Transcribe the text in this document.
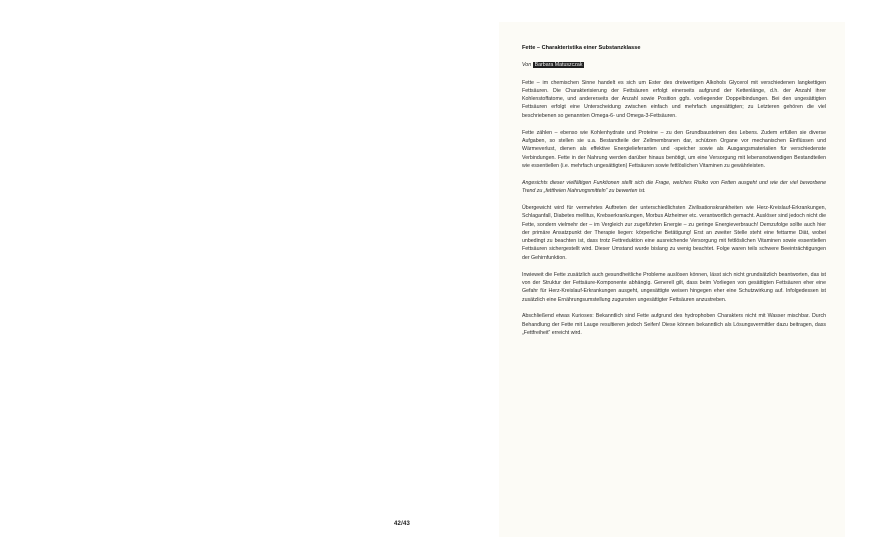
42/43
Fette – Charakteristika einer Substanzklasse
Von Barbara Matuszczak

Fette – im chemischen Sinne handelt es sich um Ester des dreiwertigen Alkohols Glycerol mit verschiedenen langkettigen Fettsäuren. Die Charakterisierung der Fettsäuren erfolgt einerseits aufgrund der Kettenlänge, d.h. der Anzahl ihrer Kohlenstoffatome, und andererseits der Anzahl sowie Position ggfs. vorliegender Doppelbindungen. Bei den ungesättigten Fettsäuren erfolgt eine Unterscheidung zwischen einfach und mehrfach ungesättigten; zu Letzteren gehören die viel beschriebenen so genannten Omega-6- und Omega-3-Fettsäuren.

Fette zählen – ebenso wie Kohlenhydrate und Proteine – zu den Grundbausteinen des Lebens. Zudem erfüllen sie diverse Aufgaben, so stellen sie u.a. Bestandteile der Zellmembranen dar, schützen Organe vor mechanischen Einflüssen und Wärmeverlust, dienen als effektive Energielieferanten und -speicher sowie als Ausgangsmaterialien für verschiedenste Verbindungen. Fette in der Nahrung werden darüber hinaus benötigt, um eine Versorgung mit lebensnotwendigen Bestandteilen wie essentiellen (i.e. mehrfach ungesättigten) Fettsäuren sowie fettlöslichen Vitaminen zu gewährleisten.

Angesichts dieser vielfältigen Funktionen stellt sich die Frage, welches Risiko von Fetten ausgeht und wie der viel beworbene Trend zu „fettfreien Nahrungsmitteln“ zu bewerten ist.

Übergewicht wird für vermehrtes Auftreten der unterschiedlichsten Zivilisationskrankheiten wie Herz-Kreislauf-Erkrankungen, Schlaganfall, Diabetes mellitus, Krebserkrankungen, Morbus Alzheimer etc. verantwortlich gemacht. Auslöser sind jedoch nicht die Fette, sondern vielmehr der – im Vergleich zur zugeführten Energie – zu geringe Energieverbrauch! Demzufolge sollte auch hier der primäre Ansatzpunkt der Therapie liegen: körperliche Betätigung! Erst an zweiter Stelle steht eine fettarme Diät, wobei unbedingt zu beachten ist, dass trotz Fettreduktion eine ausreichende Versorgung mit fettlöslichen Vitaminen sowie essentiellen Fettsäuren sichergestellt wird. Dieser Umstand wurde bislang zu wenig beachtet. Folge waren teils schwere Beeinträchtigungen der Gehirnfunktion.

Inwieweit die Fette zusätzlich auch gesundheitliche Probleme auslösen können, lässt sich nicht grundsätzlich beantworten, das ist von der Struktur der Fettsäure-Komponente abhängig. Generell gilt, dass beim Vorliegen von gesättigten Fettsäuren eher eine Gefahr für Herz-Kreislauf-Erkrankungen ausgeht, ungesättigte weisen hingegen eher eine Schutzwirkung auf. Infolgedessen ist zusätzlich eine Ernährungsumstellung zugunsten ungesättigter Fettsäuren anzustreben.

Abschließend etwas Kurioses: Bekanntlich sind Fette aufgrund des hydrophoben Charakters nicht mit Wasser mischbar. Durch Behandlung der Fette mit Lauge resultieren jedoch Seifen! Diese können bekanntlich als Lösungsvermittler dazu beitragen, dass „Fettfreiheit“ erreicht wird.
